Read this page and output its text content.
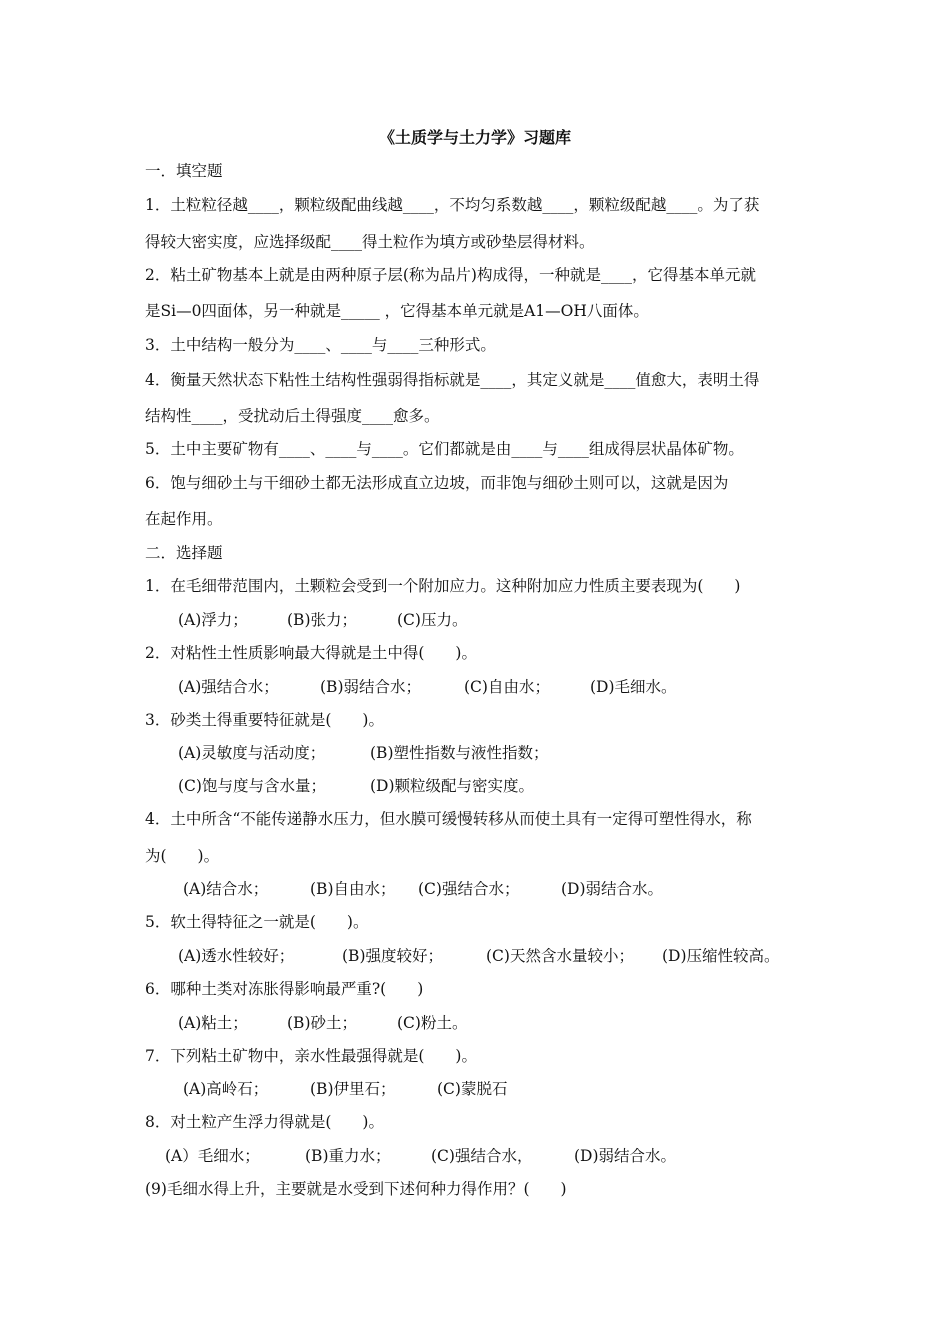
《土质学与土力学》习题库
一．填空题
1．土粒粒径越____，颗粒级配曲线越____，不均匀系数越____，颗粒级配越____。为了获
得较大密实度，应选择级配____得土粒作为填方或砂垫层得材料。
2．粘土矿物基本上就是由两种原子层(称为品片)构成得，一种就是____，它得基本单元就
是Si—0四面体，另一种就是_____ ，它得基本单元就是A1—OH八面体。
3．土中结构一般分为____、____与____三种形式。
4．衡量天然状态下粘性土结构性强弱得指标就是____，其定义就是____值愈大，表明土得
结构性____，受扰动后土得强度____愈多。
5．土中主要矿物有____、____与____。它们都就是由____与____组成得层状晶体矿物。
6．饱与细砂土与干细砂土都无法形成直立边坡，而非饱与细砂土则可以，这就是因为
在起作用。
二．选择题
1．在毛细带范围内，土颗粒会受到一个附加应力。这种附加应力性质主要表现为(　　)
(A)浮力；	(B)张力；	(C)压力。
2．对粘性土性质影响最大得就是土中得(　　)。
(A)强结合水；	(B)弱结合水；	(C)自由水；	(D)毛细水。
3．砂类土得重要特征就是(　　)。
(A)灵敏度与活动度；	(B)塑性指数与液性指数；
(C)饱与度与含水量；	(D)颗粒级配与密实度。
4．土中所含“不能传递静水压力，但水膜可缓慢转移从而使土具有一定得可塑性得水，称
为(　　)。
(A)结合水；	(B)自由水； (C)强结合水；	(D)弱结合水。
5．软土得特征之一就是(　　)。
(A)透水性较好；	(B)强度较好；	(C)天然含水量较小； (D)压缩性较高。
6．哪种土类对冻胀得影响最严重?(　　)
(A)粘土；	(B)砂土；	(C)粉土。
7．下列粘土矿物中，亲水性最强得就是(　　)。
(A)高岭石；	(B)伊里石；	(C)蒙脱石
8．对土粒产生浮力得就是(　　)。
(A）毛细水；	(B)重力水；	(C)强结合水，	(D)弱结合水。
(9)毛细水得上升，主要就是水受到下述何种力得作用？(　　)
